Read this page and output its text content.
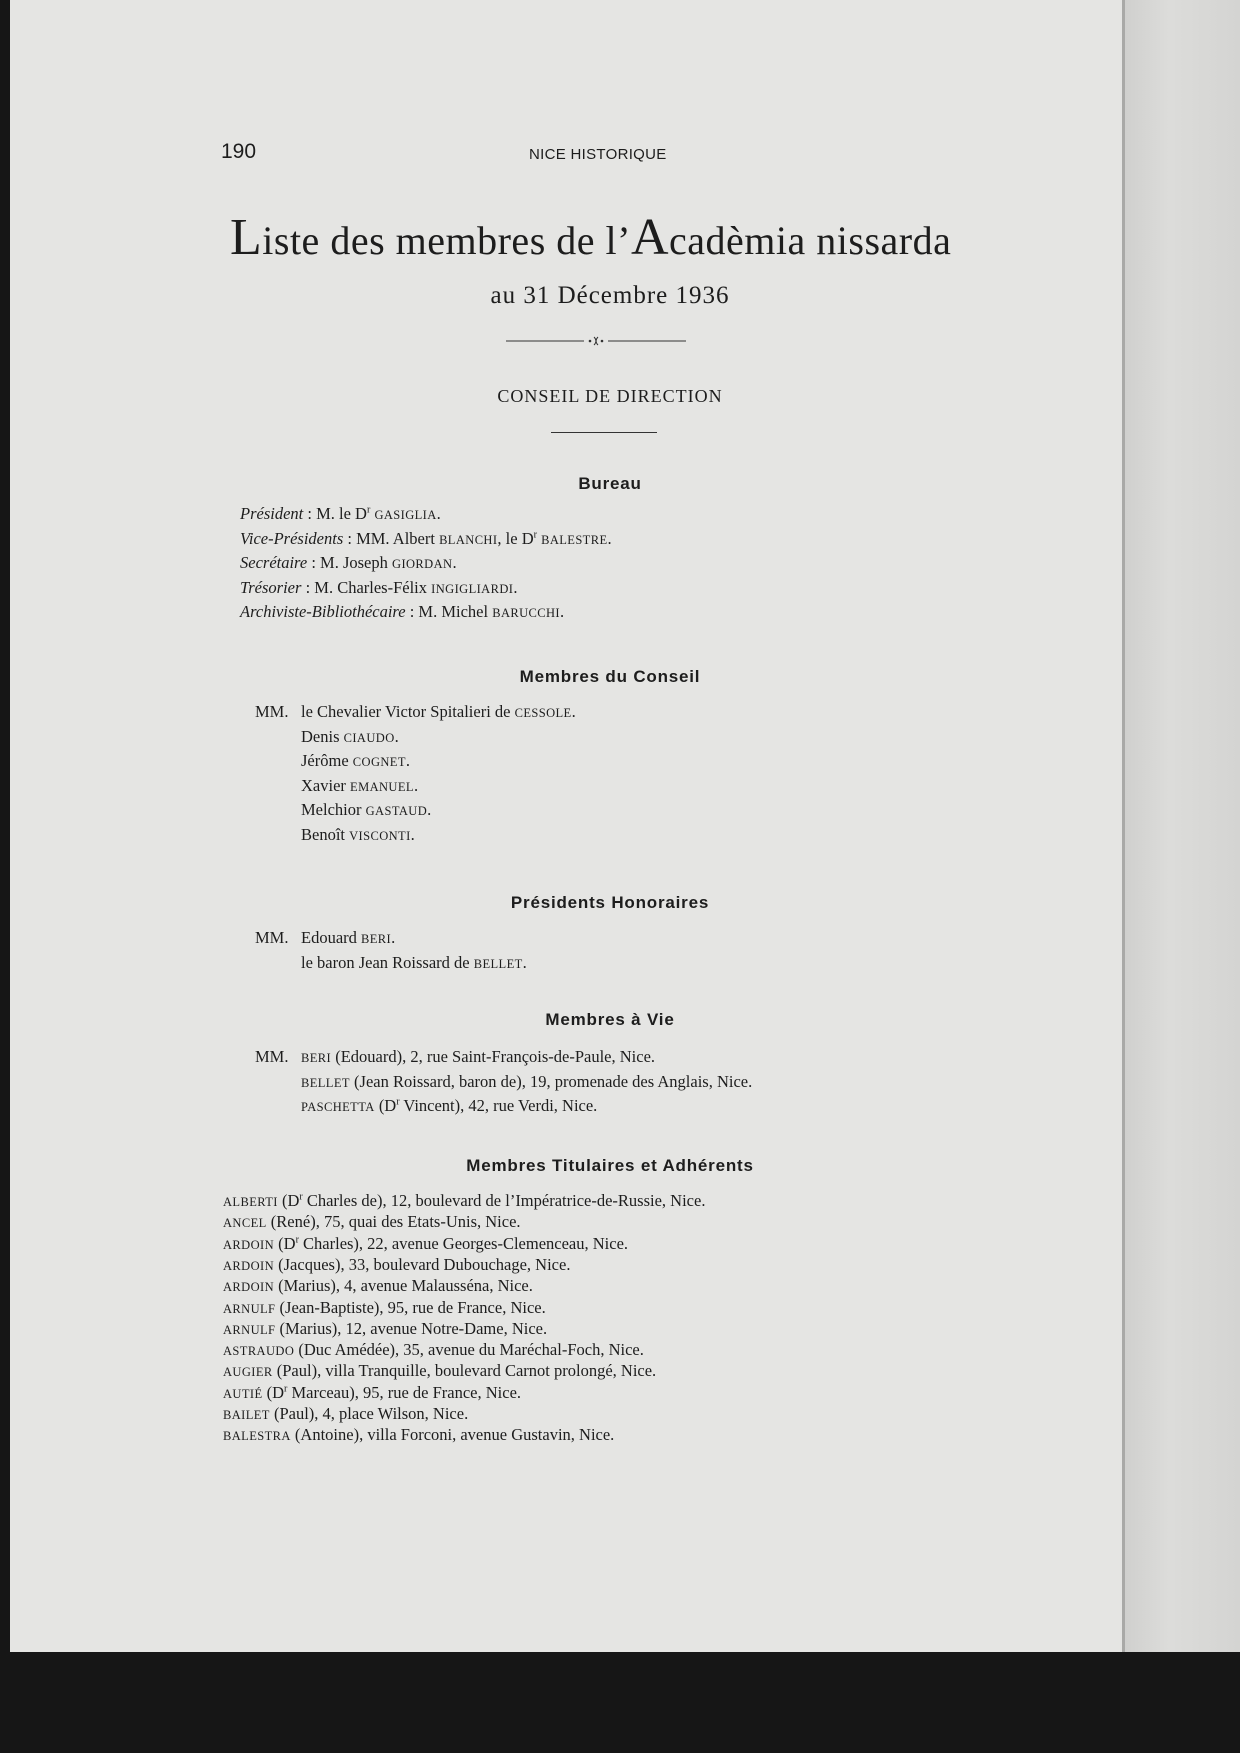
190	NICE HISTORIQUE
Liste des membres de l’Acadèmia nissarda
au 31 Décembre 1936
CONSEIL DE DIRECTION
Bureau
Président : M. le $D^r$ GASIGLIA.
Vice-Présidents : MM. Albert BLANCHI, le $D^r$ BALESTRE.
Secrétaire : M. Joseph GIORDAN.
Trésorier : M. Charles-Félix INGIGLIARDI.
Archiviste-Bibliothécaire : M. Michel BARUCCHI.
Membres du Conseil
MM. le Chevalier Victor Spitalieri de CESSOLE.
Denis CIAUDO.
Jérôme COGNET.
Xavier EMANUEL.
Melchior GASTAUD.
Benoît VISCONTI.
Présidents Honoraires
MM. Edouard BERI.
le baron Jean Roissard de BELLET.
Membres à Vie
MM. BERI (Edouard), 2, rue Saint-François-de-Paule, Nice.
BELLET (Jean Roissard, baron de), 19, promenade des Anglais, Nice.
PASCHETTA ($D^r$ Vincent), 42, rue Verdi, Nice.
Membres Titulaires et Adhérents
ALBERTI ($D^r$ Charles de), 12, boulevard de l’Impératrice-de-Russie, Nice.
ANCEL (René), 75, quai des Etats-Unis, Nice.
ARDOIN ($D^r$ Charles), 22, avenue Georges-Clemenceau, Nice.
ARDOIN (Jacques), 33, boulevard Dubouchage, Nice.
ARDOIN (Marius), 4, avenue Malausséna, Nice.
ARNULF (Jean-Baptiste), 95, rue de France, Nice.
ARNULF (Marius), 12, avenue Notre-Dame, Nice.
ASTRAUDO (Duc Amédée), 35, avenue du Maréchal-Foch, Nice.
AUGIER (Paul), villa Tranquille, boulevard Carnot prolongé, Nice.
AUTIÉ ($D^r$ Marceau), 95, rue de France, Nice.
BAILET (Paul), 4, place Wilson, Nice.
BALESTRA (Antoine), villa Forconi, avenue Gustavin, Nice.
